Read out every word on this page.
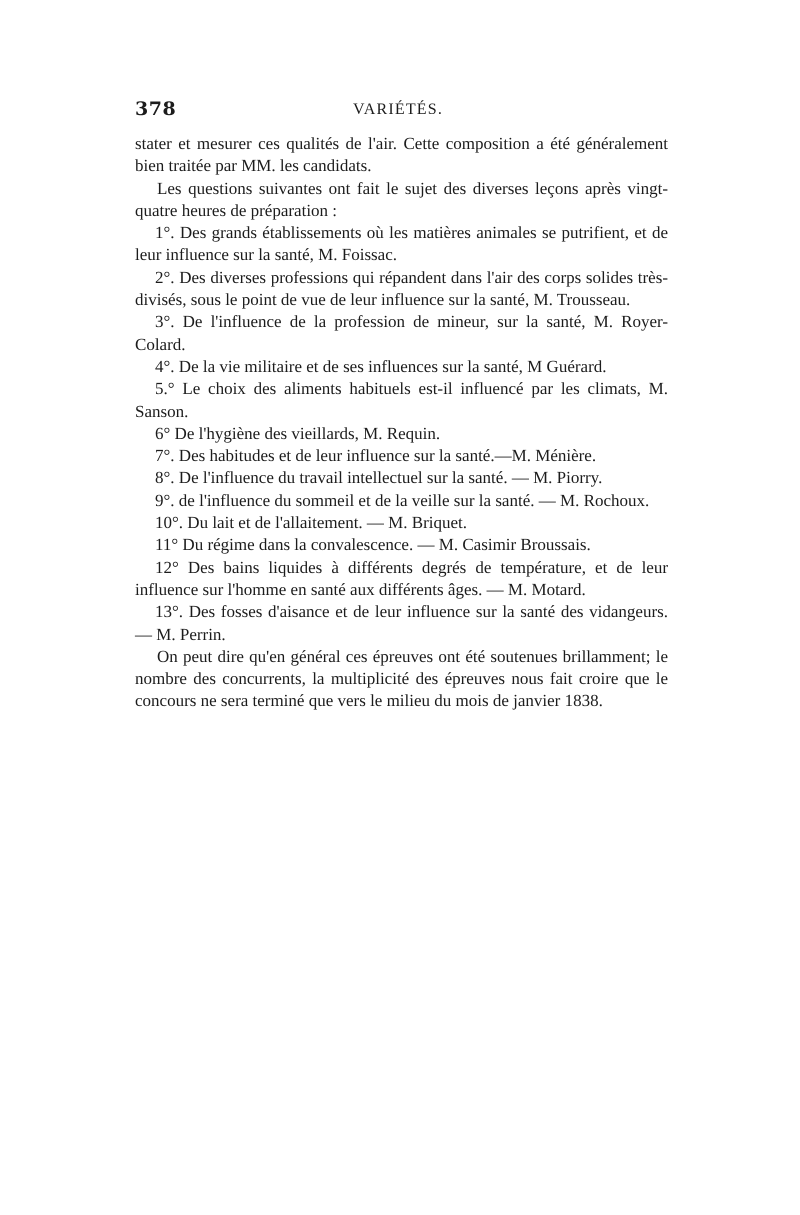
378	VARIÉTÉS.

stater et mesurer ces qualités de l'air. Cette composition a été généralement bien traitée par MM. les candidats.

Les questions suivantes ont fait le sujet des diverses leçons après vingt-quatre heures de préparation :

1°. Des grands établissements où les matières animales se putrifient, et de leur influence sur la santé, M. Foissac.

2°. Des diverses professions qui répandent dans l'air des corps solides très-divisés, sous le point de vue de leur influence sur la santé, M. Trousseau.

3°. De l'influence de la profession de mineur, sur la santé, M. Royer-Colard.

4°. De la vie militaire et de ses influences sur la santé, M Guérard.

5.° Le choix des aliments habituels est-il influencé par les climats, M. Sanson.

6° De l'hygiène des vieillards, M. Requin.

7°. Des habitudes et de leur influence sur la santé.—M. Ménière.

8°. De l'influence du travail intellectuel sur la santé. — M. Piorry.

9°. de l'influence du sommeil et de la veille sur la santé. — M. Rochoux.

10°. Du lait et de l'allaitement. — M. Briquet.

11° Du régime dans la convalescence. — M. Casimir Broussais.

12° Des bains liquides à différents degrés de température, et de leur influence sur l'homme en santé aux différents âges. — M. Motard.

13°. Des fosses d'aisance et de leur influence sur la santé des vidangeurs. — M. Perrin.

On peut dire qu'en général ces épreuves ont été soutenues brillamment; le nombre des concurrents, la multiplicité des épreuves nous fait croire que le concours ne sera terminé que vers le milieu du mois de janvier 1838.
